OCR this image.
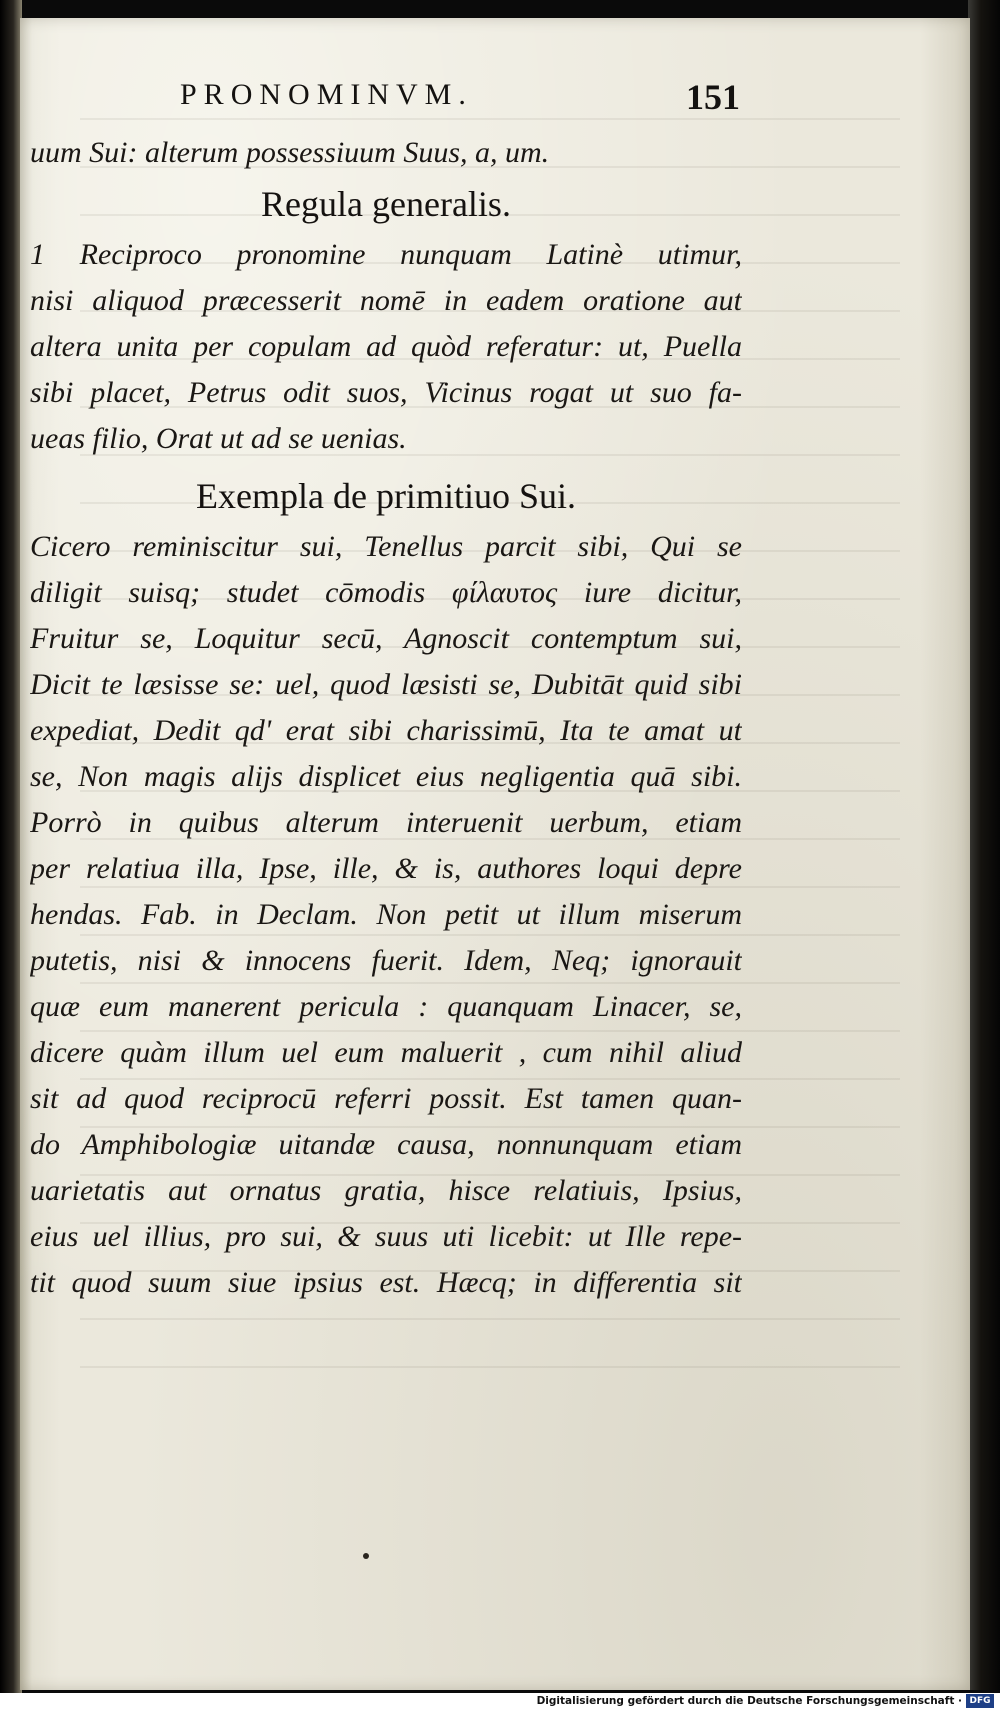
PRONOMINVM.	151
uum Sui: alterum possessiuum Suus, a, um.
Regula generalis.
1 Reciproco pronomine nunquam Latinè utimur,
nisi aliquod præcesserit nomē in eadem oratione aut
altera unita per copulam ad quòd referatur: ut, Puella
sibi placet, Petrus odit suos, Vicinus rogat ut suo fa-
ueas filio, Orat ut ad se uenias.
Exempla de primitiuo Sui.
Cicero reminiscitur sui, Tenellus parcit sibi, Qui se
diligit suisq; studet cōmodis φίλαυτος iure dicitur,
Fruitur se, Loquitur secū, Agnoscit contemptum sui,
Dicit te læsisse se: uel, quod læsisti se, Dubitāt quid sibi
expediat, Dedit qd' erat sibi charissimū, Ita te amat ut
se, Non magis alijs displicet eius negligentia quā sibi.
Porrò in quibus alterum interuenit uerbum, etiam
per relatiua illa, Ipse, ille, & is, authores loqui depre
hendas. Fab. in Declam. Non petit ut illum miserum
putetis, nisi & innocens fuerit. Idem, Neq; ignorauit
quæ eum manerent pericula : quanquam Linacer, se,
dicere quàm illum uel eum maluerit , cum nihil aliud
sit ad quod reciprocū referri possit. Est tamen quan-
do Amphibologiæ uitandæ causa, nonnunquam etiam
uarietatis aut ornatus gratia, hisce relatiuis, Ipsius,
eius uel illius, pro sui, & suus uti licebit: ut Ille repe-
tit quod suum siue ipsius est. Hæcq; in differentia sit
Digitalisierung gefördert durch die Deutsche Forschungsgemeinschaft · DFG
